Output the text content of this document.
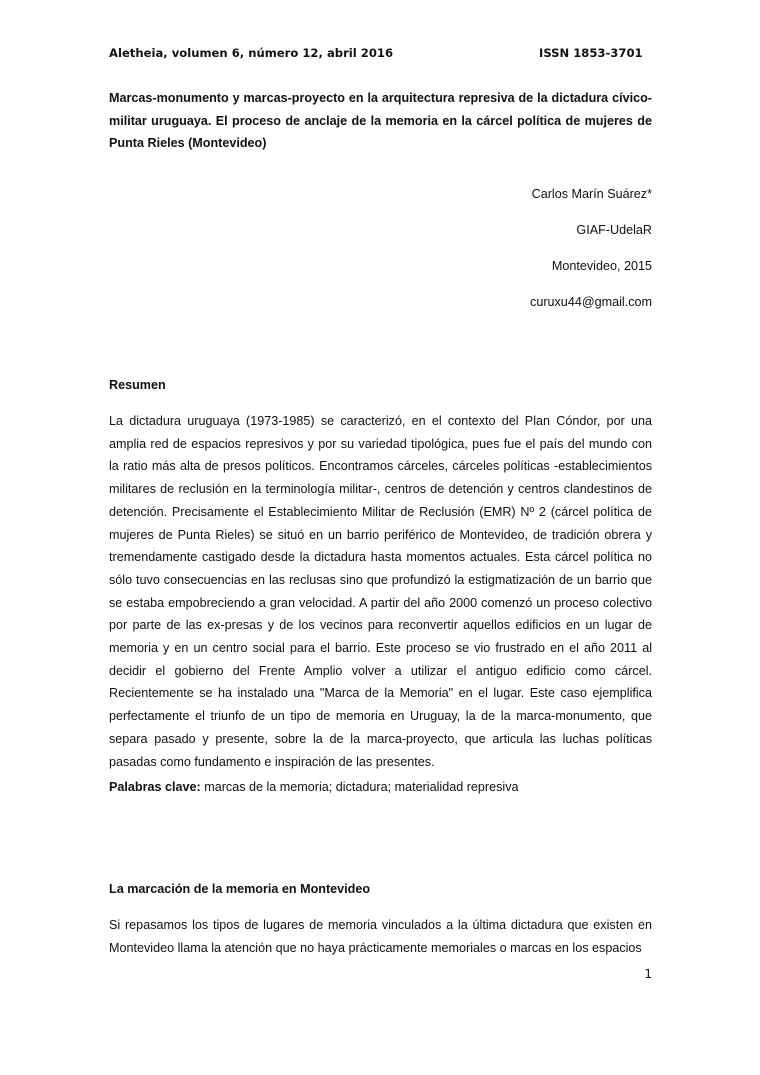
Aletheia, volumen 6, número 12, abril 2016	ISSN 1853-3701
Marcas-monumento y marcas-proyecto en la arquitectura represiva de la dictadura cívico-militar uruguaya. El proceso de anclaje de la memoria en la cárcel política de mujeres de Punta Rieles (Montevideo)
Carlos Marín Suárez*
GIAF-UdelaR
Montevideo, 2015
curuxu44@gmail.com
Resumen

La dictadura uruguaya (1973-1985) se caracterizó, en el contexto del Plan Cóndor, por una amplia red de espacios represivos y por su variedad tipológica, pues fue el país del mundo con la ratio más alta de presos políticos. Encontramos cárceles, cárceles políticas -establecimientos militares de reclusión en la terminología militar-, centros de detención y centros clandestinos de detención. Precisamente el Establecimiento Militar de Reclusión (EMR) Nº 2 (cárcel política de mujeres de Punta Rieles) se situó en un barrio periférico de Montevideo, de tradición obrera y tremendamente castigado desde la dictadura hasta momentos actuales. Esta cárcel política no sólo tuvo consecuencias en las reclusas sino que profundizó la estigmatización de un barrio que se estaba empobreciendo a gran velocidad. A partir del año 2000 comenzó un proceso colectivo por parte de las ex-presas y de los vecinos para reconvertir aquellos edificios en un lugar de memoria y en un centro social para el barrio. Este proceso se vio frustrado en el año 2011 al decidir el gobierno del Frente Amplio volver a utilizar el antiguo edificio como cárcel. Recientemente se ha instalado una "Marca de la Memoria" en el lugar. Este caso ejemplifica perfectamente el triunfo de un tipo de memoria en Uruguay, la de la marca-monumento, que separa pasado y presente, sobre la de la marca-proyecto, que articula las luchas políticas pasadas como fundamento e inspiración de las presentes.

Palabras clave: marcas de la memoria; dictadura; materialidad represiva

La marcación de la memoria en Montevideo

Si repasamos los tipos de lugares de memoria vinculados a la última dictadura que existen en Montevideo llama la atención que no haya prácticamente memoriales o marcas en los espacios

1
